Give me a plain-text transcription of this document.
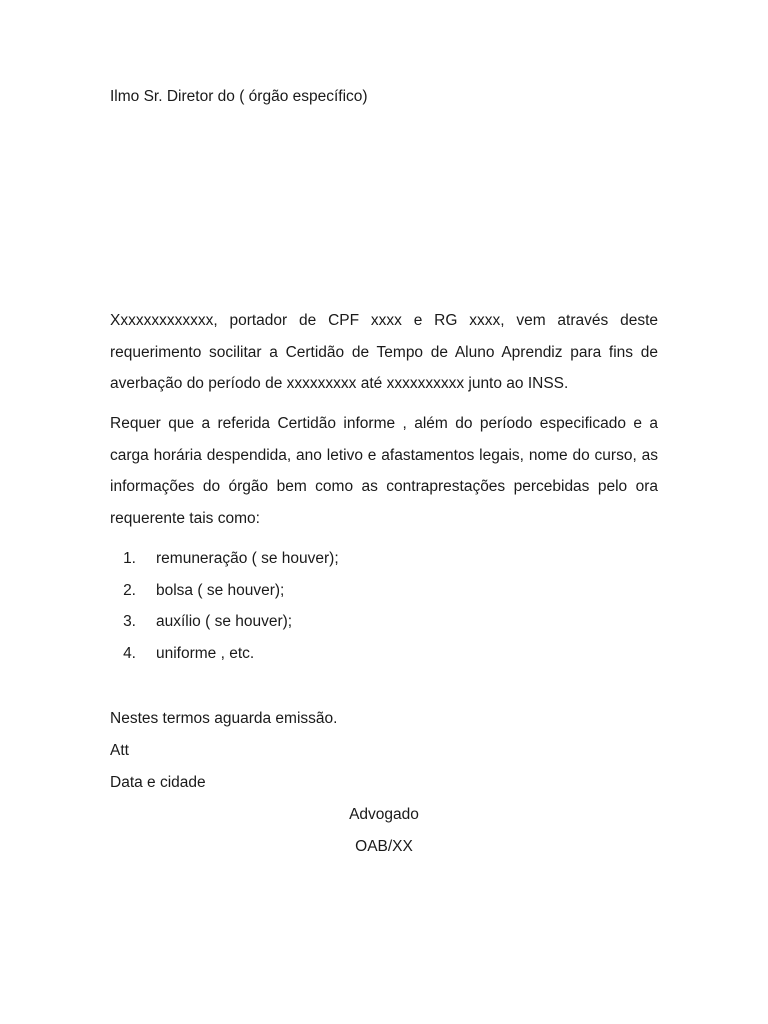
Ilmo Sr. Diretor do ( órgão específico)

Xxxxxxxxxxxxx, portador de CPF xxxx e RG xxxx, vem através deste requerimento socilitar a Certidão de Tempo de Aluno Aprendiz para fins de averbação do período de xxxxxxxxx até xxxxxxxxxx junto ao INSS.

Requer que a referida Certidão informe , além do período especificado e a carga horária despendida, ano letivo e afastamentos legais, nome do curso, as informações do órgão bem como as contraprestações percebidas pelo ora requerente tais como:

1. remuneração ( se houver);
2. bolsa ( se houver);
3. auxílio ( se houver);
4. uniforme , etc.
Nestes termos aguarda emissão.
Att
Data e cidade
Advogado
OAB/XX
